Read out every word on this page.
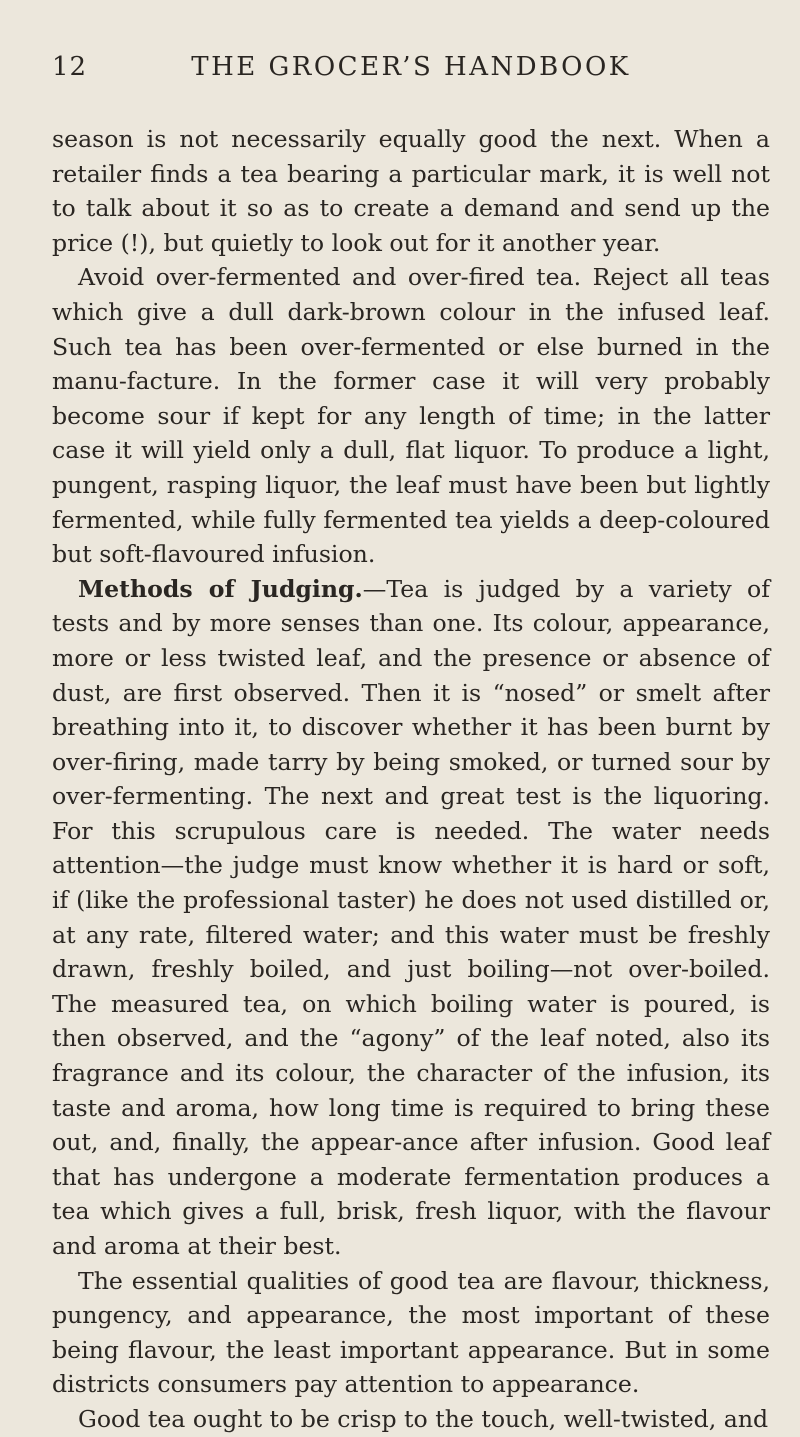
12	THE GROCER’S HANDBOOK

season is not necessarily equally good the next. When a retailer finds a tea bearing a particular mark, it is well not to talk about it so as to create a demand and send up the price (!), but quietly to look out for it another year.

Avoid over-fermented and over-fired tea. Reject all teas which give a dull dark-brown colour in the infused leaf. Such tea has been over-fermented or else burned in the manu-facture. In the former case it will very probably become sour if kept for any length of time; in the latter case it will yield only a dull, flat liquor. To produce a light, pungent, rasping liquor, the leaf must have been but lightly fermented, while fully fermented tea yields a deep-coloured but soft-flavoured infusion.

Methods of Judging.—Tea is judged by a variety of tests and by more senses than one. Its colour, appearance, more or less twisted leaf, and the presence or absence of dust, are first observed. Then it is “nosed” or smelt after breathing into it, to discover whether it has been burnt by over-firing, made tarry by being smoked, or turned sour by over-fermenting. The next and great test is the liquoring. For this scrupulous care is needed. The water needs attention—the judge must know whether it is hard or soft, if (like the professional taster) he does not used distilled or, at any rate, filtered water; and this water must be freshly drawn, freshly boiled, and just boiling—not over-boiled. The measured tea, on which boiling water is poured, is then observed, and the “agony” of the leaf noted, also its fragrance and its colour, the character of the infusion, its taste and aroma, how long time is required to bring these out, and, finally, the appear-ance after infusion. Good leaf that has undergone a moderate fermentation produces a tea which gives a full, brisk, fresh liquor, with the flavour and aroma at their best.

The essential qualities of good tea are flavour, thickness, pungency, and appearance, the most important of these being flavour, the least important appearance. But in some districts consumers pay attention to appearance.

Good tea ought to be crisp to the touch, well-twisted, and
